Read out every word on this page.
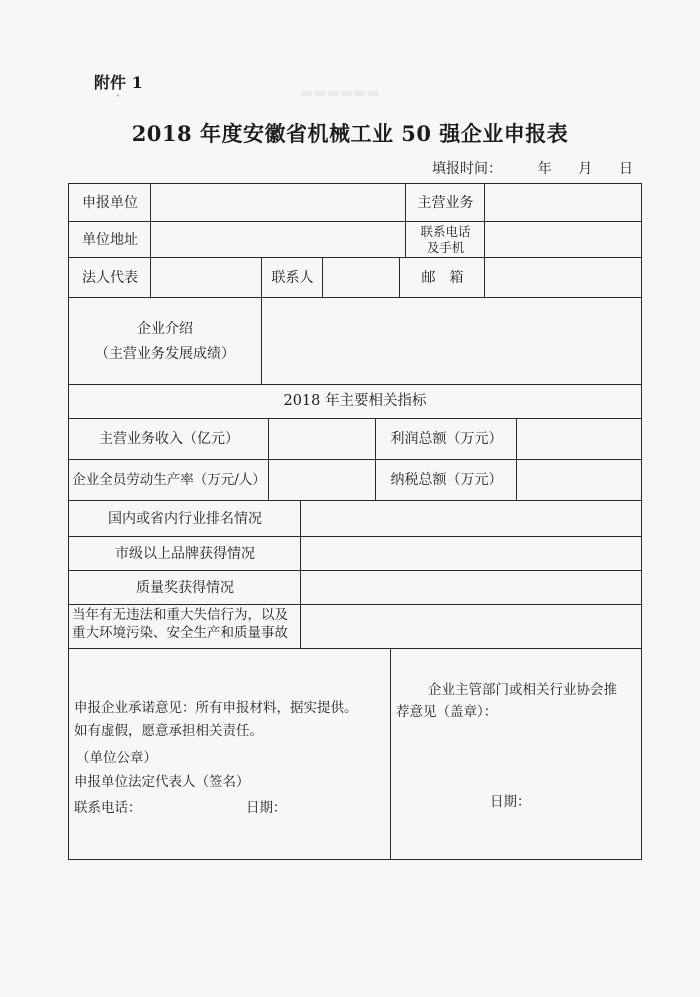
附件 1
`
2018 年度安徽省机械工业 50 强企业申报表
填报时间：        年      月      日
▬▬▬▬▬▬
申报单位	主营业务
单位地址	联系电话
及手机
法人代表	联系人	邮　箱
企业介绍
（主营业务发展成绩）
2018 年主要相关指标
主营业务收入（亿元）	利润总额（万元）
企业全员劳动生产率（万元/人）	纳税总额（万元）
国内或省内行业排名情况
市级以上品牌获得情况
质量奖获得情况
当年有无违法和重大失信行为，以及
重大环境污染、安全生产和质量事故
申报企业承诺意见：所有申报材料，据实提供。
如有虚假，愿意承担相关责任。
（单位公章）
申报单位法定代表人（签名）
联系电话：	日期：
企业主管部门或相关行业协会推
荐意见（盖章）：
日期：
